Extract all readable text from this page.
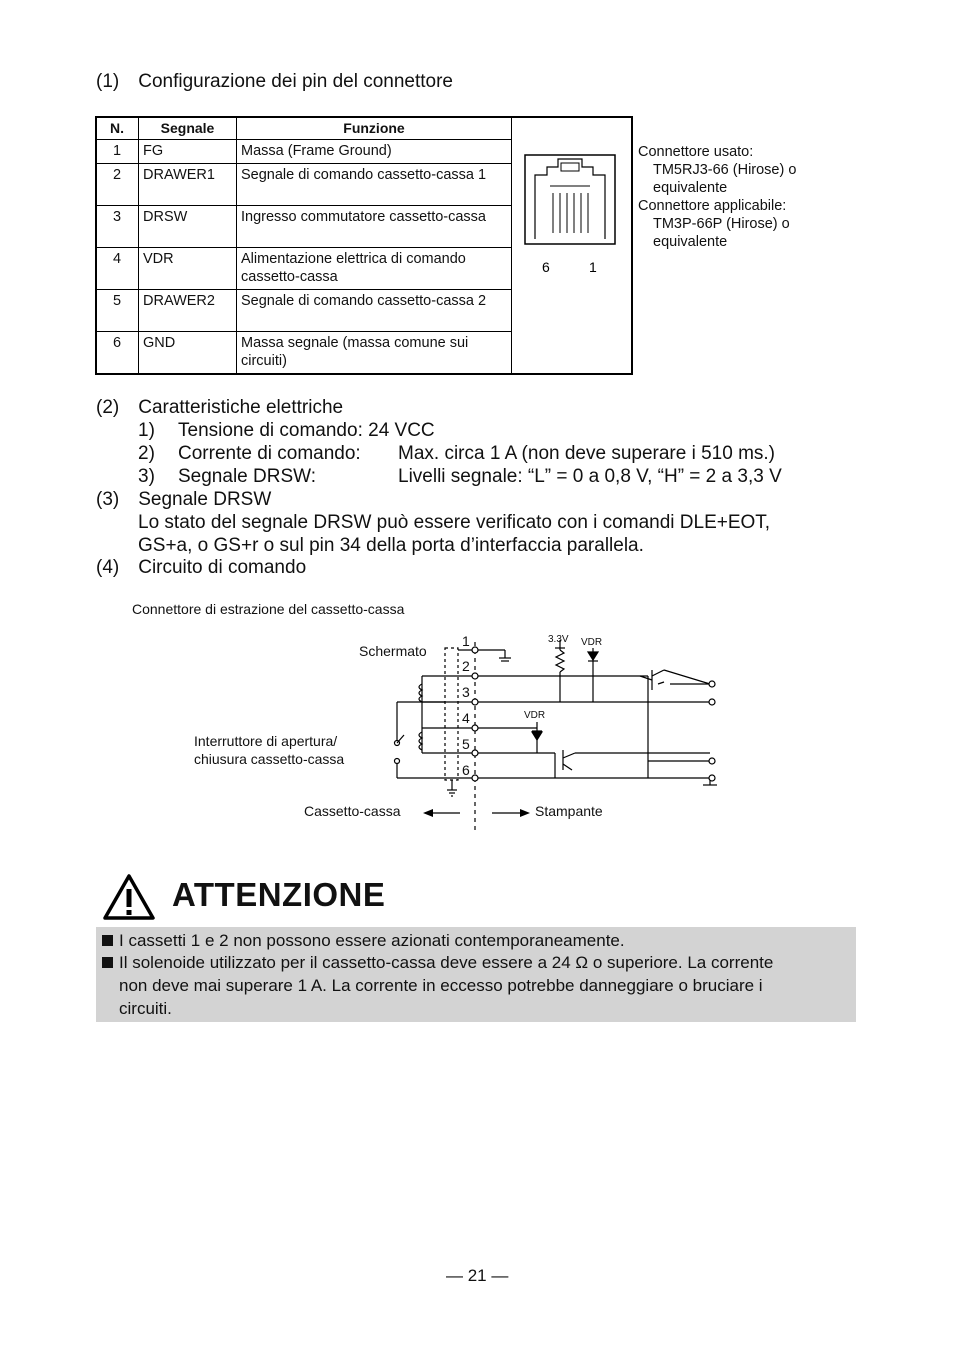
(1) Configurazione dei pin del connettore
N.	Segnale	Funzione
1	FG	Massa (Frame Ground)
2	DRAWER1	Segnale di comando cassetto-cassa 1
3	DRSW	Ingresso commutatore cassetto-cassa
4	VDR	Alimentazione elettrica di comando cassetto-cassa
5	DRAWER2	Segnale di comando cassetto-cassa 2
6	GND	Massa segnale (massa comune sui circuiti)
6	1
Connettore usato:
TM5RJ3-66 (Hirose) o
equivalente
Connettore applicabile:
TM3P-66P (Hirose) o
equivalente
(2) Caratteristiche elettriche
1) Tensione di comando: 24 VCC
2) Corrente di comando: Max. circa 1 A (non deve superare i 510 ms.)
3) Segnale DRSW:	Livelli segnale: “L” = 0 a 0,8 V, “H” = 2 a 3,3 V
(3) Segnale DRSW
Lo stato del segnale DRSW può essere verificato con i comandi DLE+EOT,
GS+a, o GS+r o sul pin 34 della porta d’interfaccia parallela.
(4) Circuito di comando
Connettore di estrazione del cassetto-cassa
Schermato
Interruttore di apertura/
chiusura cassetto-cassa
Cassetto-cassa	Stampante
1
2
3
4
5
6
3.3V VDR
VDR
ATTENZIONE
I cassetti 1 e 2 non possono essere azionati contemporaneamente.
Il solenoide utilizzato per il cassetto-cassa deve essere a 24 Ω o superiore. La corrente
non deve mai superare 1 A. La corrente in eccesso potrebbe danneggiare o bruciare i
circuiti.
— 21 —
